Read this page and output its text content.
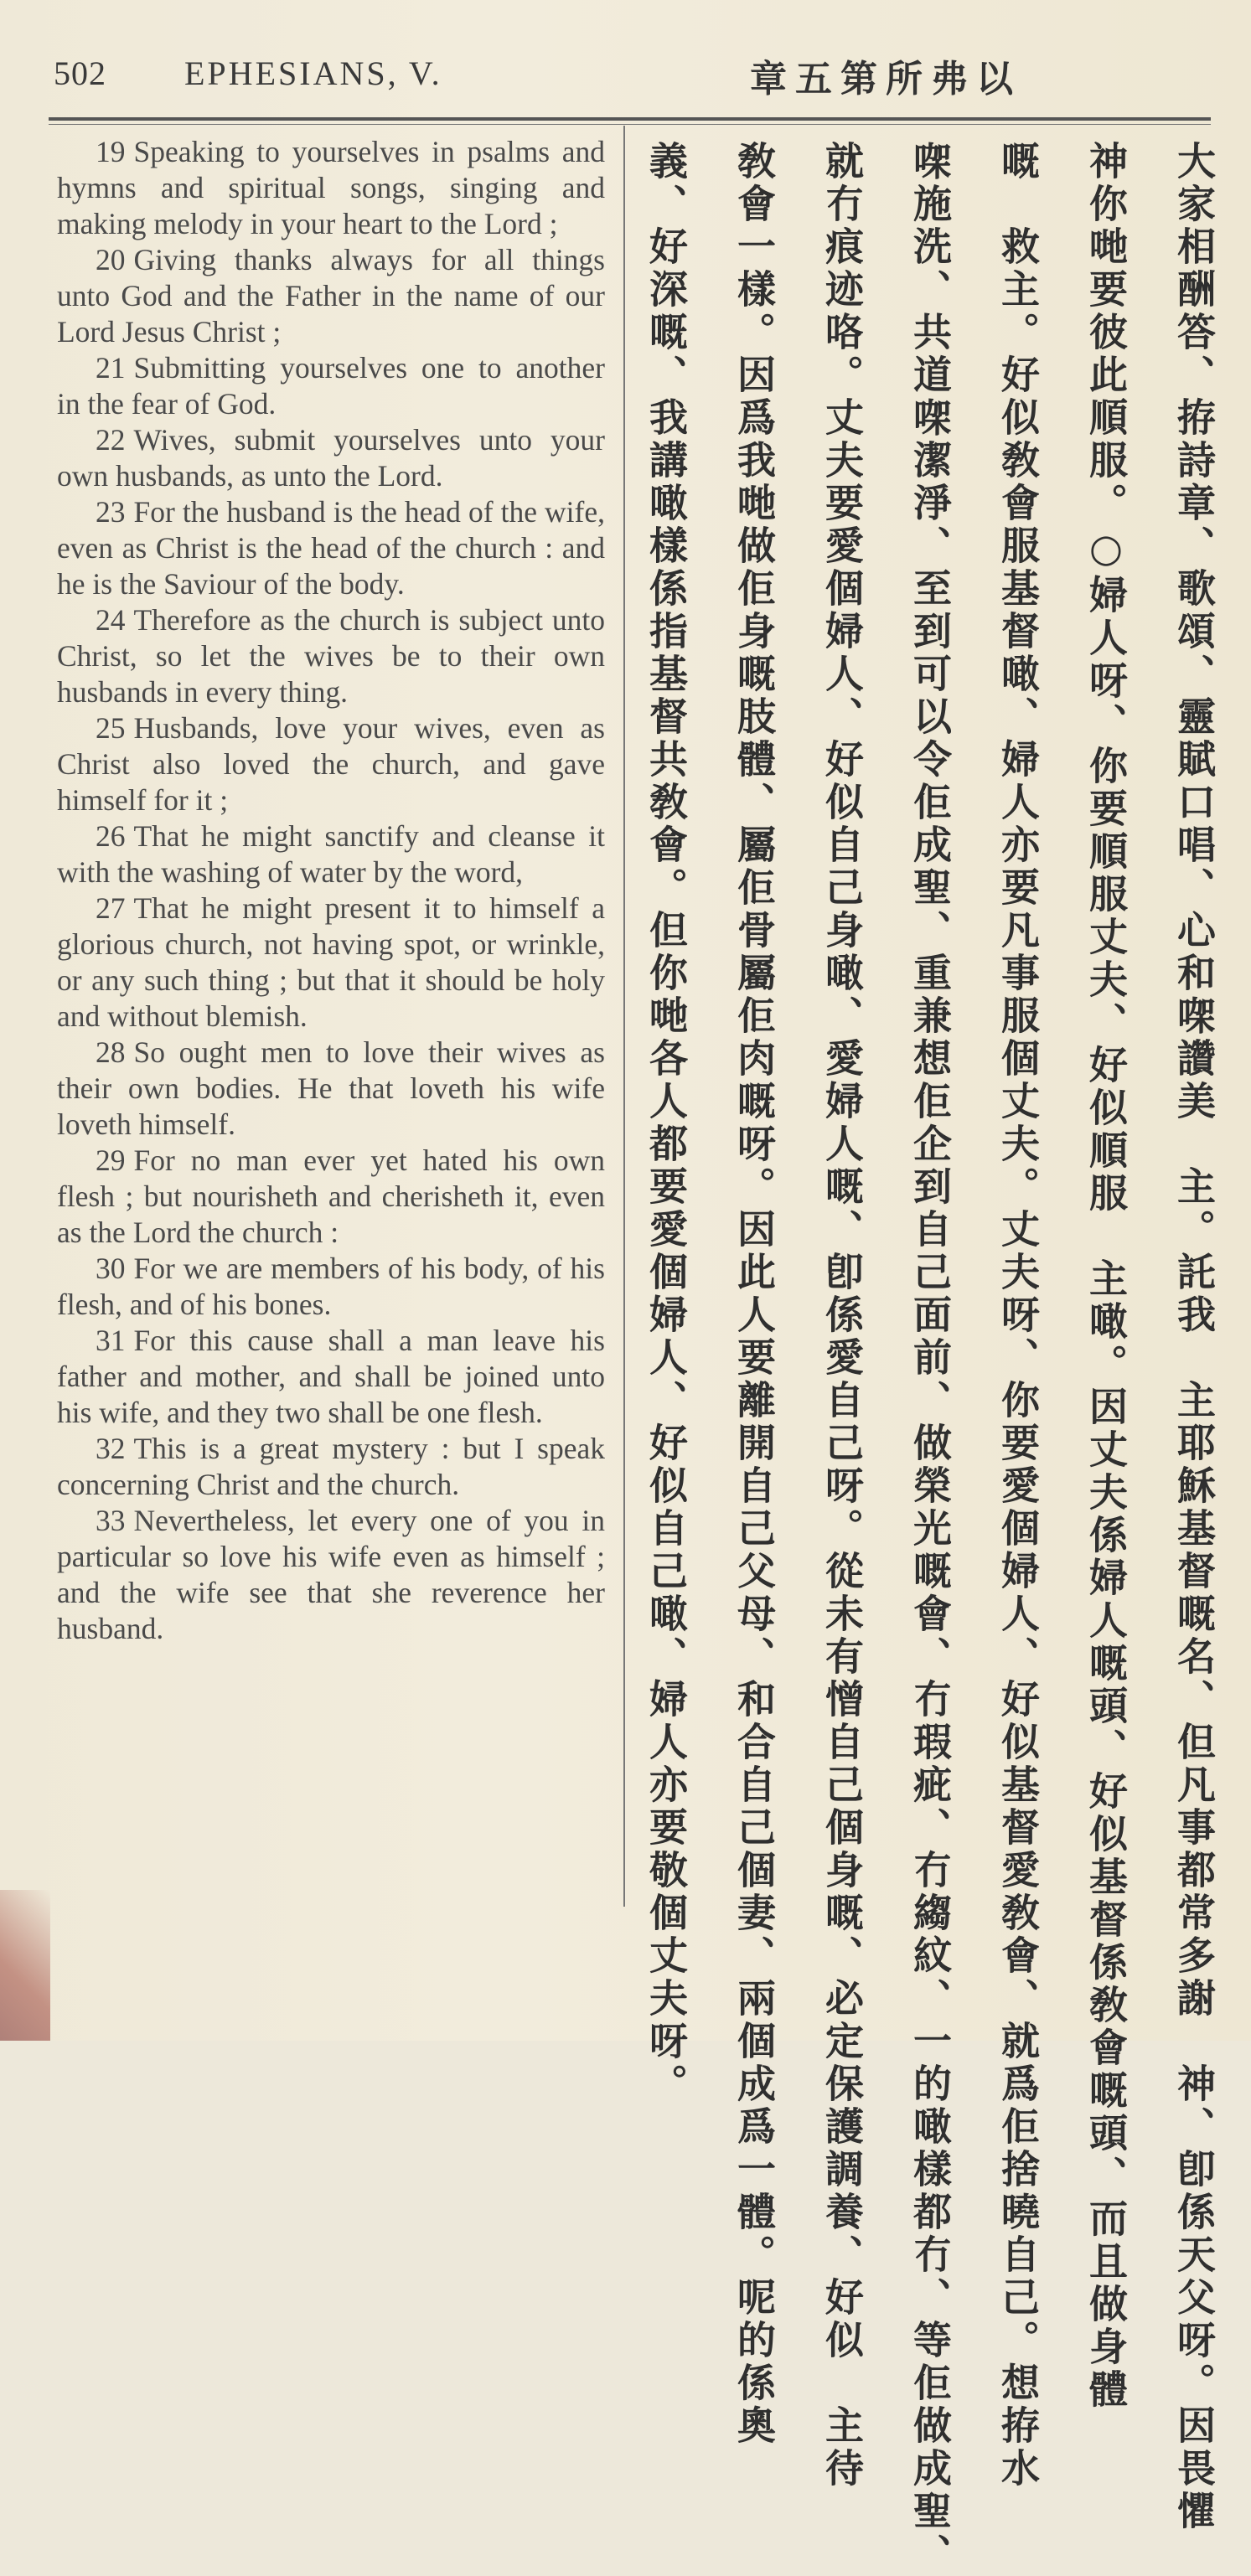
502 EPHESIANS, V.	章五第所弗以

19 Speaking to yourselves in psalms and hymns and spiritual songs, singing and making melody in your heart to the Lord ;

20 Giving thanks always for all things unto God and the Father in the name of our Lord Jesus Christ ;

21 Submitting yourselves one to another in the fear of God.

22 Wives, submit yourselves unto your own husbands, as unto the Lord.

23 For the husband is the head of the wife, even as Christ is the head of the church : and he is the Saviour of the body.

24 Therefore as the church is subject unto Christ, so let the wives be to their own husbands in every thing.

25 Husbands, love your wives, even as Christ also loved the church, and gave himself for it ;

26 That he might sanctify and cleanse it with the washing of water by the word,

27 That he might present it to himself a glorious church, not having spot, or wrinkle, or any such thing ; but that it should be holy and without blemish.

28 So ought men to love their wives as their own bodies. He that loveth his wife loveth himself.

29 For no man ever yet hated his own flesh ; but nourisheth and cherisheth it, even as the Lord the church :

30 For we are members of his body, of his flesh, and of his bones.

31 For this cause shall a man leave his father and mother, and shall be joined unto his wife, and they two shall be one flesh.

32 This is a great mystery : but I speak concerning Christ and the church.

33 Nevertheless, let every one of you in particular so love his wife even as himself ; and the wife see that she reverence her husband.	大家相酬答、拵詩章、歌頌、靈賦口唱、心和㗎讚美　主。託我　主耶穌基督嘅名、但凡事都常多謝　神、卽係天父呀。因畏懼
神你哋要彼此順服。○婦人呀、你要順服丈夫、好似順服　主噉。因丈夫係婦人嘅頭、好似基督係敎會嘅頭、而且做身體
嘅　救主。好似敎會服基督噉、婦人亦要凡事服個丈夫。丈夫呀、你要愛個婦人、好似基督愛敎會、就爲佢捨曉自己。想拵水
㗎施洗、共道㗎潔淨、至到可以令佢成聖、重兼想佢企到自己面前、做榮光嘅會、冇瑕疵、冇縐紋、一的噉樣都冇、等佢做成聖、
就冇痕迹咯。丈夫要愛個婦人、好似自己身噉、愛婦人嘅、卽係愛自己呀。從未有憎自己個身嘅、必定保護調養、好似　主待
敎會一樣。因爲我哋做佢身嘅肢體、屬佢骨屬佢肉嘅呀。因此人要離開自己父母、和合自己個妻、兩個成爲一體。呢的係奧
義、好深嘅、我講噉樣係指基督共敎會。但你哋各人都要愛個婦人、好似自己噉、婦人亦要敬個丈夫呀。
